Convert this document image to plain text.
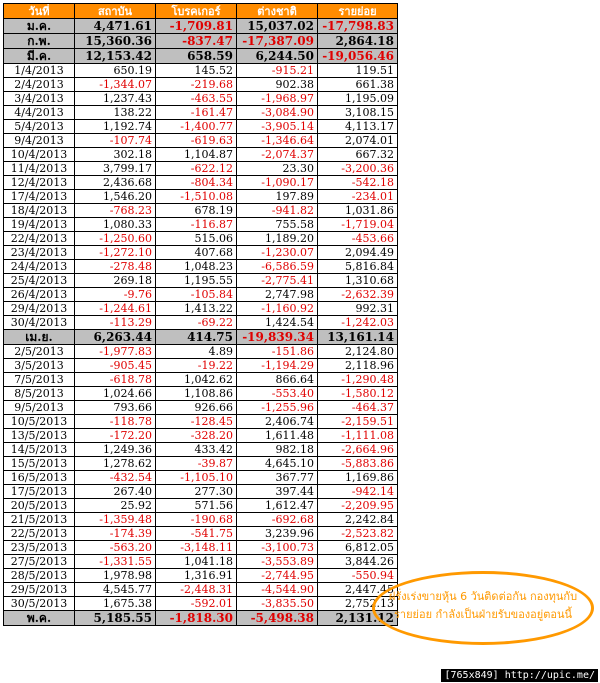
วันที่	สถาบัน	โบรคเกอร์	ต่างชาติ	รายย่อย
ม.ค.	4,471.61	-1,709.81	15,037.02	-17,798.83
ก.พ.	15,360.36	-837.47	-17,387.09	2,864.18
มี.ค.	12,153.42	658.59	6,244.50	-19,056.46
1/4/2013	650.19	145.52	-915.21	119.51
2/4/2013	-1,344.07	-219.68	902.38	661.38
3/4/2013	1,237.43	-463.55	-1,968.97	1,195.09
4/4/2013	138.22	-161.47	-3,084.90	3,108.15
5/4/2013	1,192.74	-1,400.77	-3,905.14	4,113.17
9/4/2013	-107.74	-619.63	-1,346.64	2,074.01
10/4/2013	302.18	1,104.87	-2,074.37	667.32
11/4/2013	3,799.17	-622.12	23.30	-3,200.36
12/4/2013	2,436.68	-804.34	-1,090.17	-542.18
17/4/2013	1,546.20	-1,510.08	197.89	-234.01
18/4/2013	-768.23	678.19	-941.82	1,031.86
19/4/2013	1,080.33	-116.87	755.58	-1,719.04
22/4/2013	-1,250.60	515.06	1,189.20	-453.66
23/4/2013	-1,272.10	407.68	-1,230.07	2,094.49
24/4/2013	-278.48	1,048.23	-6,586.59	5,816.84
25/4/2013	269.18	1,195.55	-2,775.41	1,310.68
26/4/2013	-9.76	-105.84	2,747.98	-2,632.39
29/4/2013	-1,244.61	1,413.22	-1,160.92	992.31
30/4/2013	-113.29	-69.22	1,424.54	-1,242.03
เม.ย.	6,263.44	414.75	-19,839.34	13,161.14
2/5/2013	-1,977.83	4.89	-151.86	2,124.80
3/5/2013	-905.45	-19.22	-1,194.29	2,118.96
7/5/2013	-618.78	1,042.62	866.64	-1,290.48
8/5/2013	1,024.66	1,108.86	-553.40	-1,580.12
9/5/2013	793.66	926.66	-1,255.96	-464.37
10/5/2013	-118.78	-128.45	2,406.74	-2,159.51
13/5/2013	-172.20	-328.20	1,611.48	-1,111.08
14/5/2013	1,249.36	433.42	982.18	-2,664.96
15/5/2013	1,278.62	-39.87	4,645.10	-5,883.86
16/5/2013	-432.54	-1,105.10	367.77	1,169.86
17/5/2013	267.40	277.30	397.44	-942.14
20/5/2013	25.92	571.56	1,612.47	-2,209.95
21/5/2013	-1,359.48	-190.68	-692.68	2,242.84
22/5/2013	-174.39	-541.75	3,239.96	-2,523.82
23/5/2013	-563.20	-3,148.11	-3,100.73	6,812.05
27/5/2013	-1,331.55	1,041.18	-3,553.89	3,844.26
28/5/2013	1,978.98	1,316.91	-2,744.95	-550.94
29/5/2013	4,545.77	-2,448.31	-4,544.90	2,447.45
30/5/2013	1,675.38	-592.01	-3,835.50	2,752.13
พ.ค.	5,185.55	-1,818.30	-5,498.38	2,131.12
ฝรั่งเร่งขายหุ้น 6 วันติดต่อกัน กองทุนกับ
รายย่อย กำลังเป็นฝ่ายรับของอยู่ตอนนี้
[765x849] http://upic.me/
